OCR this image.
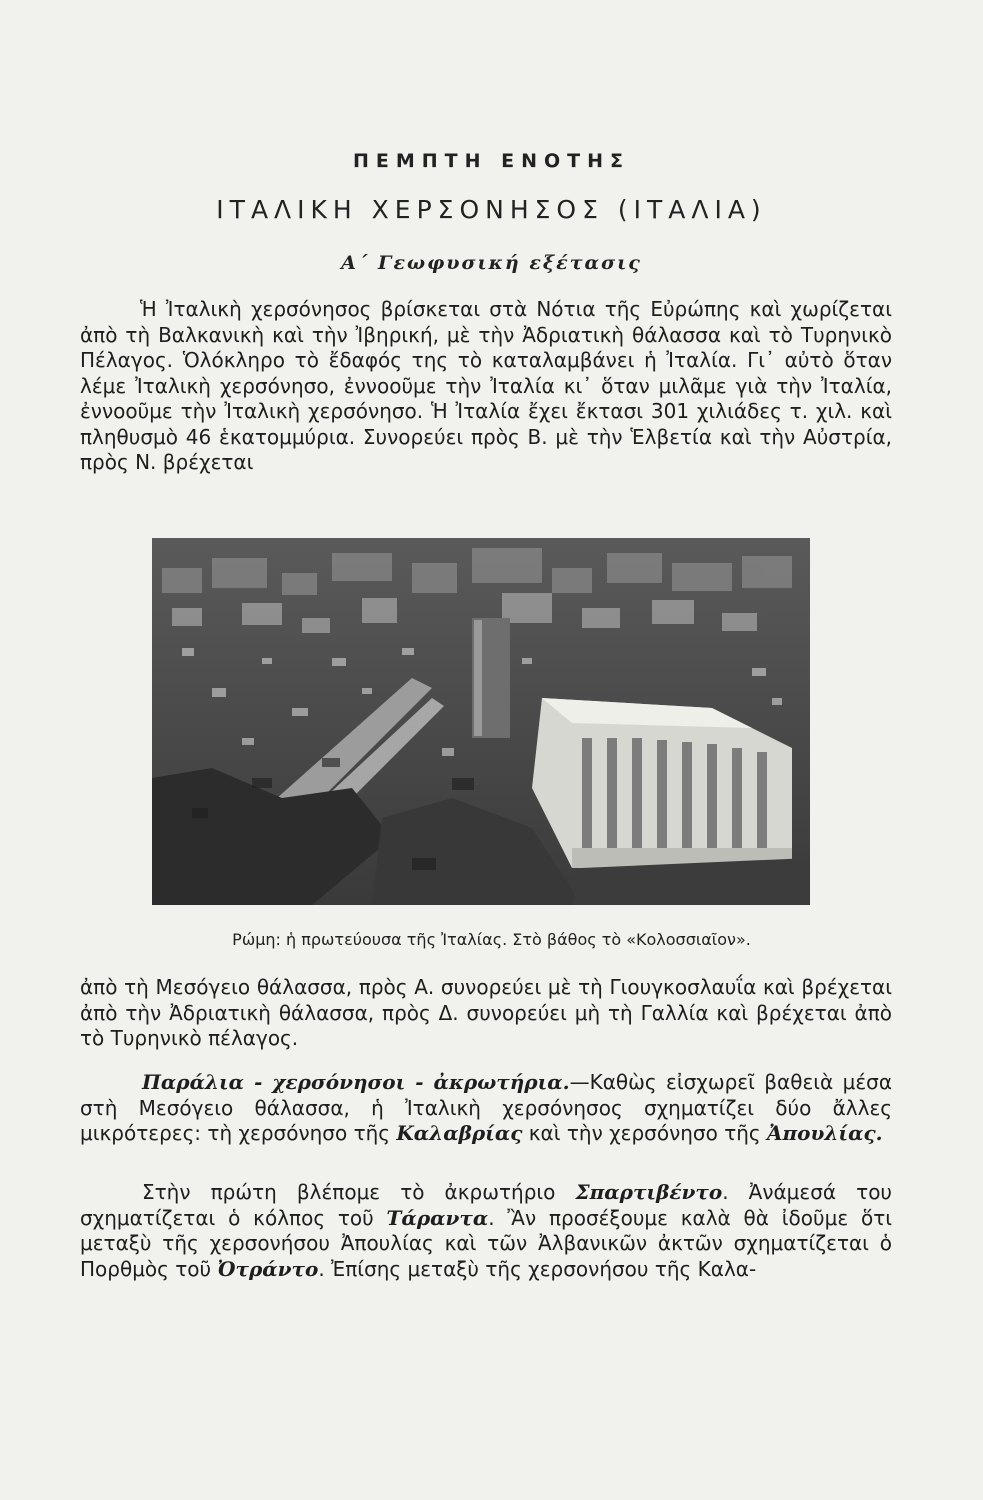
ΠΕΜΠΤΗ ΕΝΟΤΗΣ
ΙΤΑΛΙΚΗ ΧΕΡΣΟΝΗΣΟΣ (ΙΤΑΛΙΑ)
Α΄ Γεωφυσική εξέτασις

Ἡ Ἰταλικὴ χερσόνησος βρίσκεται στὰ Νότια τῆς Εὐρώπης καὶ χωρίζεται ἀπὸ τὴ Βαλκανικὴ καὶ τὴν Ἰβηρική, μὲ τὴν Ἀδριατικὴ θάλασσα καὶ τὸ Τυρηνικὸ Πέλαγος. Ὁλόκληρο τὸ ἔδαφός της τὸ καταλαμβάνει ἡ Ἰταλία. Γι᾽ αὐτὸ ὅταν λέμε Ἰταλικὴ χερσόνησο, ἐννοοῦμε τὴν Ἰταλία κι᾽ ὅταν μιλᾶμε γιὰ τὴν Ἰταλία, ἐννοοῦμε τὴν Ἰταλικὴ χερσόνησο. Ἡ Ἰταλία ἔχει ἔκτασι 301 χιλιάδες τ. χιλ. καὶ πληθυσμὸ 46 ἑκατομμύρια. Συνορεύει πρὸς Β. μὲ τὴν Ἑλβετία καὶ τὴν Αὐστρία, πρὸς Ν. βρέχεται

Ρώμη: ἡ πρωτεύουσα τῆς Ἰταλίας. Στὸ βάθος τὸ «Κολοσσιαῖον».

ἀπὸ τὴ Μεσόγειο θάλασσα, πρὸς Α. συνορεύει μὲ τὴ Γιουγκοσλαυΐα καὶ βρέχεται ἀπὸ τὴν Ἀδριατικὴ θάλασσα, πρὸς Δ. συνορεύει μὴ τὴ Γαλλία καὶ βρέχεται ἀπὸ τὸ Τυρηνικὸ πέλαγος.

Παράλια - χερσόνησοι - ἀκρωτήρια.—Καθὼς εἰσχωρεῖ βαθειὰ μέσα στὴ Μεσόγειο θάλασσα, ἡ Ἰταλικὴ χερσόνησος σχηματίζει δύο ἄλλες μικρότερες: τὴ χερσόνησο τῆς Καλαβρίας καὶ τὴν χερσόνησο τῆς Ἀπουλίας.

Στὴν πρώτη βλέπομε τὸ ἀκρωτήριο Σπαρτιβέντο. Ἀνάμεσά του σχηματίζεται ὁ κόλπος τοῦ Τάραντα. Ἂν προσέξουμε καλὰ θὰ ἰδοῦμε ὅτι μεταξὺ τῆς χερσονήσου Ἀπουλίας καὶ τῶν Ἀλβανικῶν ἀκτῶν σχηματίζεται ὁ Πορθμὸς τοῦ Ὀτράντο. Ἐπίσης μεταξὺ τῆς χερσονήσου τῆς Καλα-
